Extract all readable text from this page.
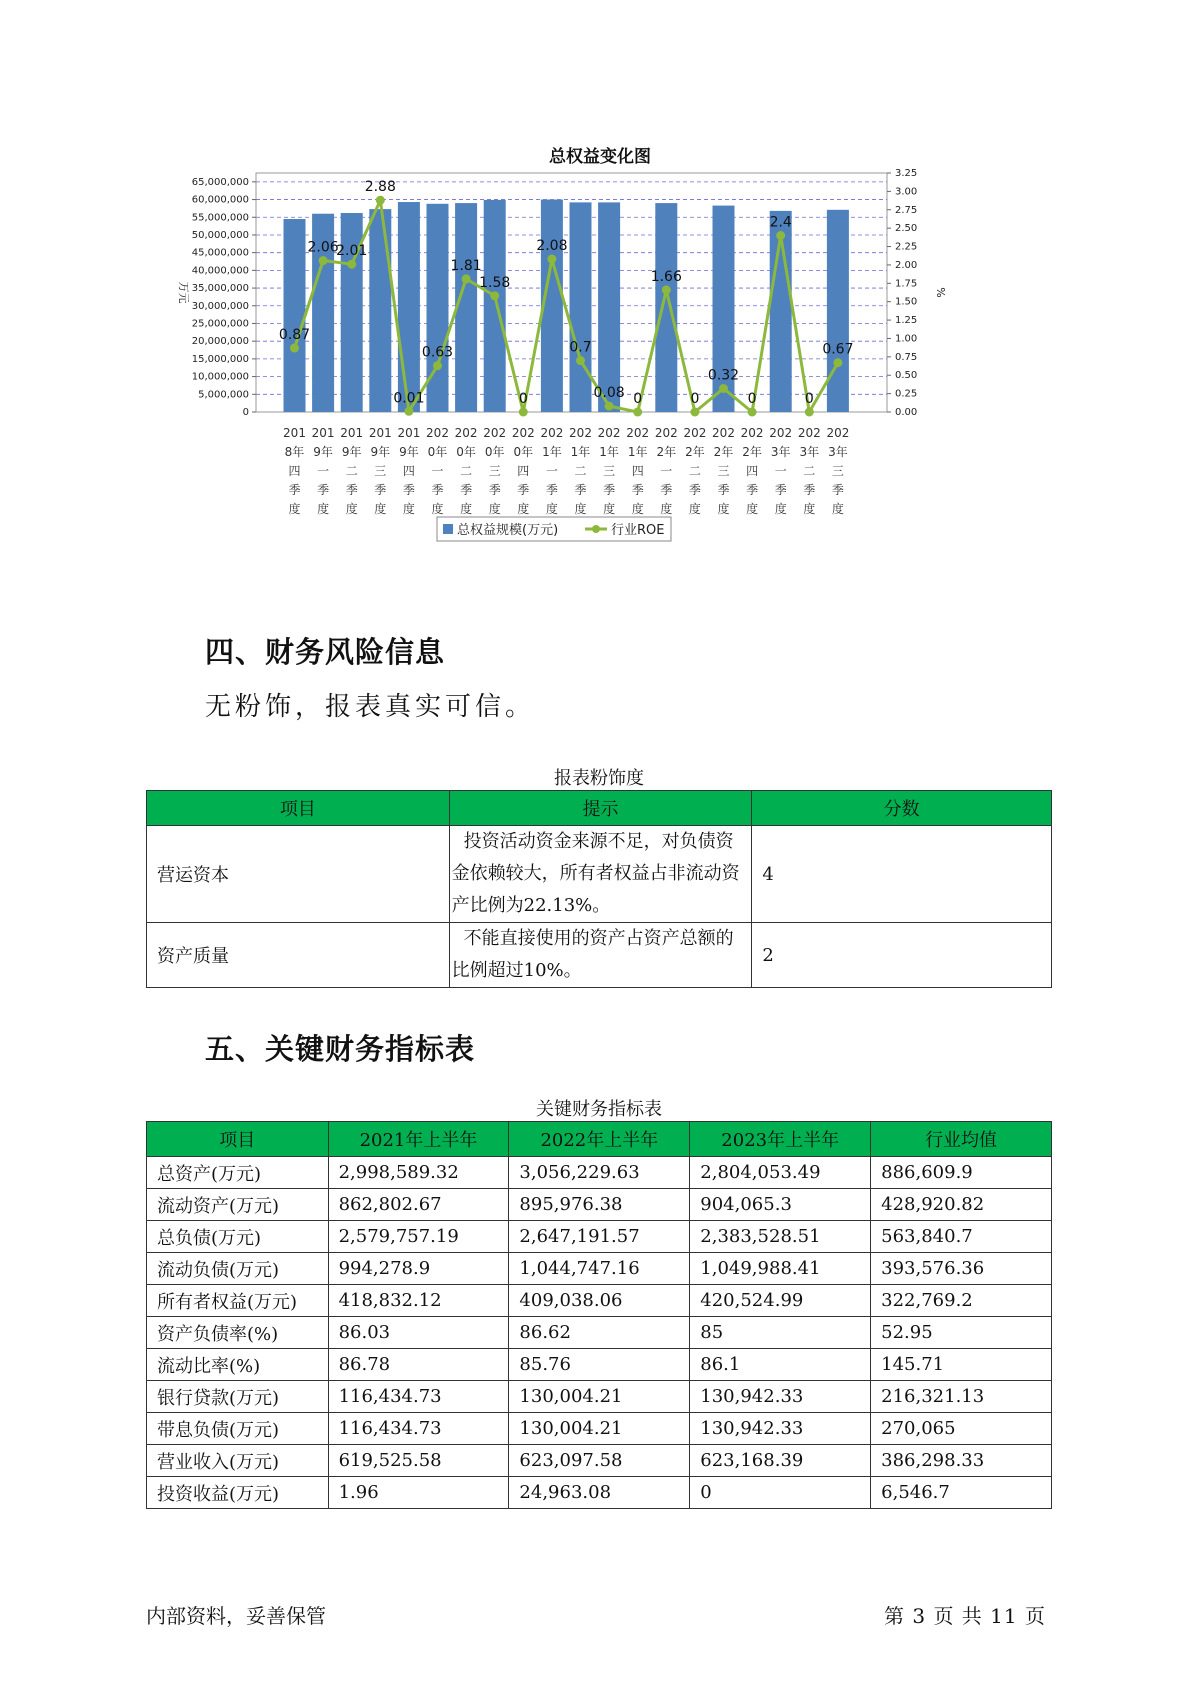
总权益变化图
0
5,000,000
10,000,000
15,000,000
20,000,000
25,000,000
30,000,000
35,000,000
40,000,000
45,000,000
50,000,000
55,000,000
60,000,000
65,000,000
0.00
0.25
0.50
0.75
1.00
1.25
1.50
1.75
2.00
2.25
2.50
2.75
3.00
3.25
万元	%
201 8年四季度
201 9年一季度
201 9年二季度
201 9年三季度
201 9年四季度
202 0年一季度
202 0年二季度
202 0年三季度
202 0年四季度
202 1年一季度
202 1年二季度
202 1年三季度
202 1年四季度
202 2年一季度
202 2年二季度
202 2年三季度
202 2年四季度
202 3年一季度
202 3年二季度
202 3年三季度
0.87
2.06
2.01
2.88
0.01
0.63
1.81
1.58
0
2.08
0.7
0.08 0
1.66
0
0.32
0
2.4
0
0.67
总权益规模(万元)	行业ROE
四、财务风险信息
无粉饰，报表真实可信。
报表粉饰度
项目	提示	分数
营运资本	投资活动资金来源不足，对负债资金依赖较大，所有者权益占非流动资产比例为22.13%。	4
资产质量	不能直接使用的资产占资产总额的比例超过10%。	2
五、关键财务指标表
关键财务指标表
项目	2021年上半年	2022年上半年	2023年上半年	行业均值
总资产(万元)	2,998,589.32	3,056,229.63	2,804,053.49	886,609.9
流动资产(万元)	862,802.67	895,976.38	904,065.3	428,920.82
总负债(万元)	2,579,757.19	2,647,191.57	2,383,528.51	563,840.7
流动负债(万元)	994,278.9	1,044,747.16	1,049,988.41	393,576.36
所有者权益(万元)	418,832.12	409,038.06	420,524.99	322,769.2
资产负债率(%)	86.03	86.62	85	52.95
流动比率(%)	86.78	85.76	86.1	145.71
银行贷款(万元)	116,434.73	130,004.21	130,942.33	216,321.13
带息负债(万元)	116,434.73	130,004.21	130,942.33	270,065
营业收入(万元)	619,525.58	623,097.58	623,168.39	386,298.33
投资收益(万元)	1.96	24,963.08	0	6,546.7
内部资料，妥善保管	第 3 页 共 11 页
